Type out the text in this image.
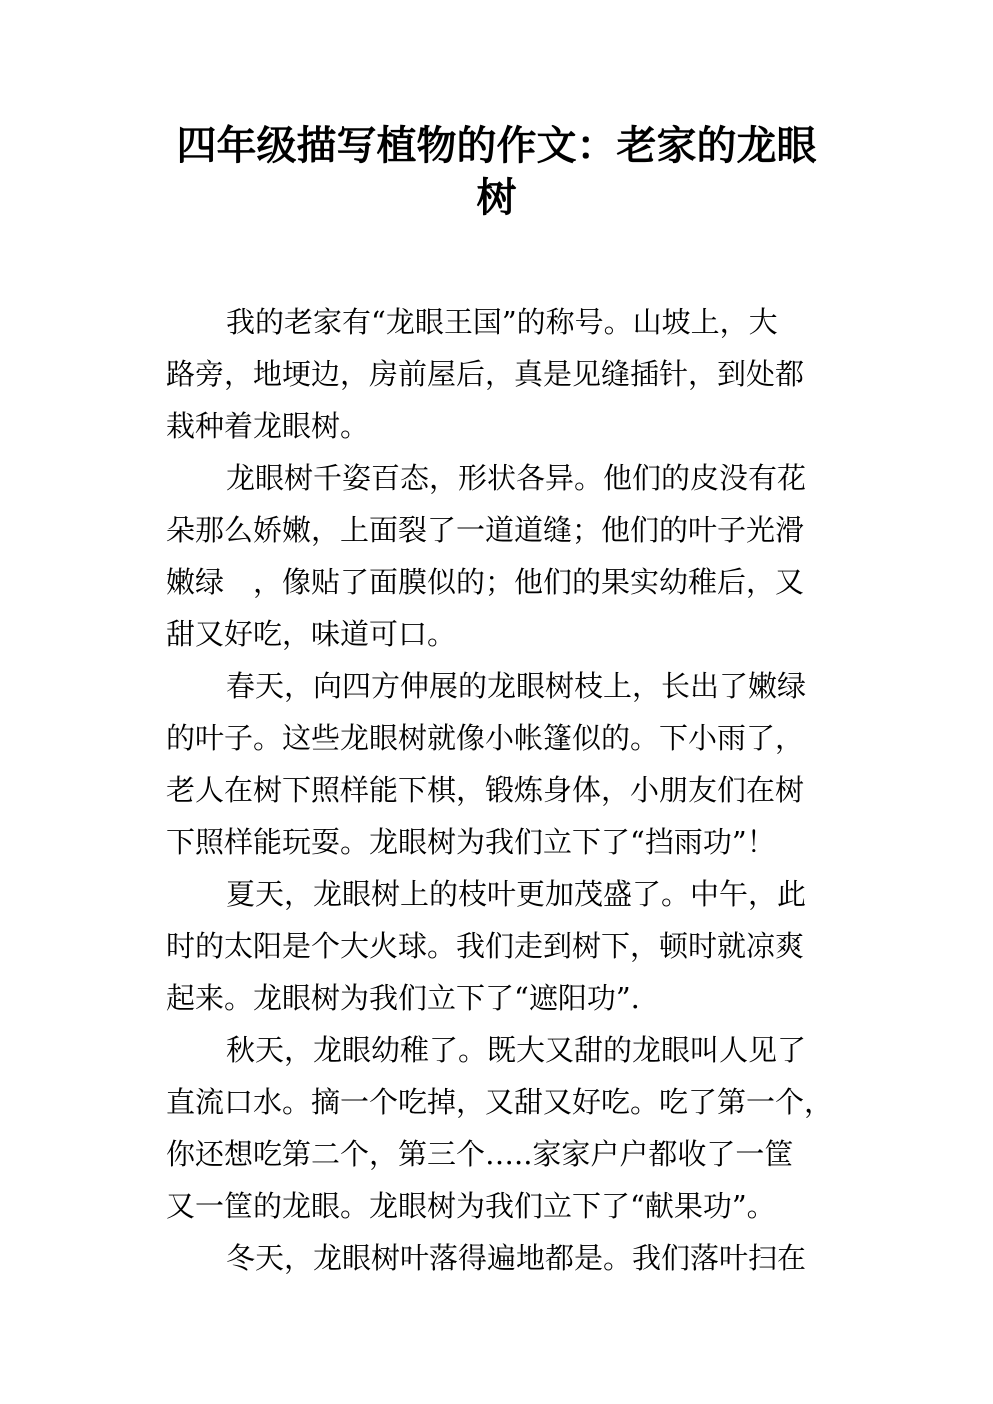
四年级描写植物的作文：老家的龙眼
树
我的老家有“龙眼王国”的称号。山坡上，大
路旁，地埂边，房前屋后，真是见缝插针，到处都
栽种着龙眼树。
龙眼树千姿百态，形状各异。他们的皮没有花
朵那么娇嫩，上面裂了一道道缝；他们的叶子光滑
嫩绿　，像贴了面膜似的；他们的果实幼稚后，又
甜又好吃，味道可口。
春天，向四方伸展的龙眼树枝上，长出了嫩绿
的叶子。这些龙眼树就像小帐篷似的。下小雨了，
老人在树下照样能下棋，锻炼身体，小朋友们在树
下照样能玩耍。龙眼树为我们立下了“挡雨功”！
夏天，龙眼树上的枝叶更加茂盛了。中午，此
时的太阳是个大火球。我们走到树下，顿时就凉爽
起来。龙眼树为我们立下了“遮阳功”.
秋天，龙眼幼稚了。既大又甜的龙眼叫人见了
直流口水。摘一个吃掉，又甜又好吃。吃了第一个，
你还想吃第二个，第三个…..家家户户都收了一筐
又一筐的龙眼。龙眼树为我们立下了“献果功”。
冬天，龙眼树叶落得遍地都是。我们落叶扫在
